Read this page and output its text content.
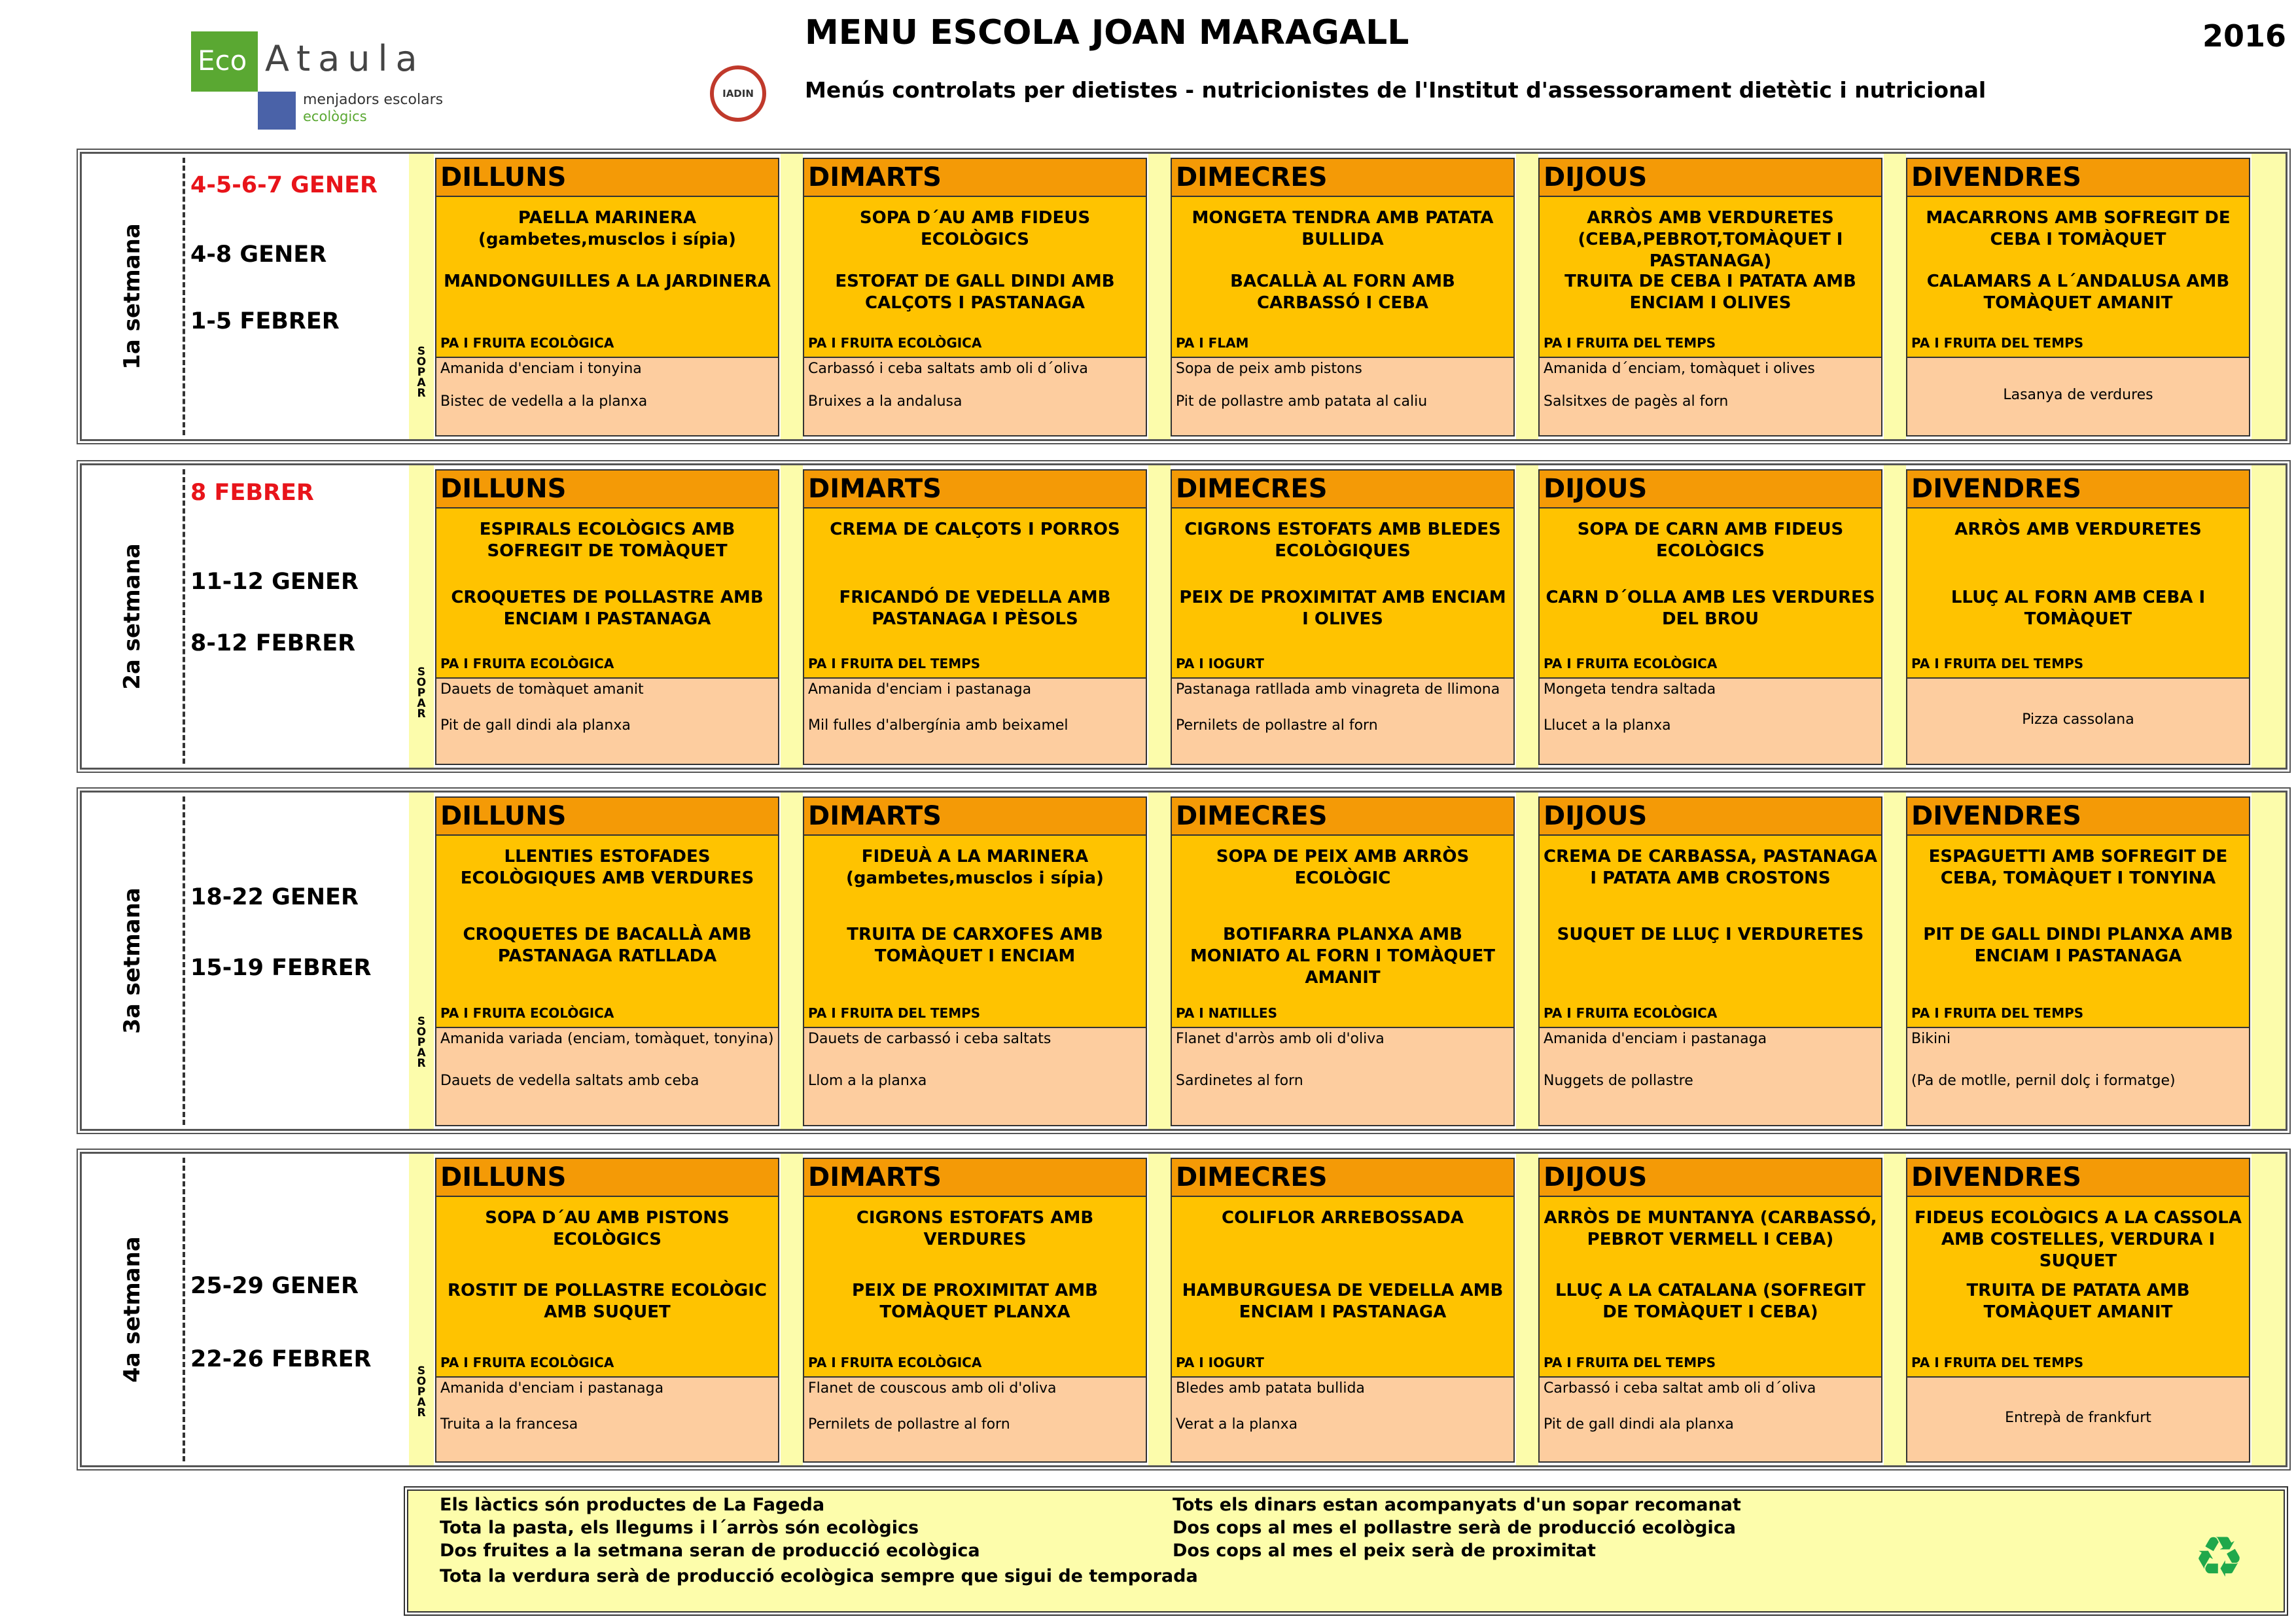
Eco Ataula
menjadors escolars
ecològics
IADIN
MENU ESCOLA JOAN MARAGALL
Menús controlats per dietistes - nutricionistes de l'Institut d'assessorament dietètic i nutricional
2016
1a setmana
4-5-6-7 GENER
4-8 GENER
1-5 FEBRER
S
O
P
A
R
DILLUNS
PAELLA MARINERA (gambetes,musclos i sípia)
MANDONGUILLES A LA JARDINERA
PA I FRUITA ECOLÒGICA
Amanida d'enciam i tonyina
Bistec de vedella a la planxa
DIMARTS
SOPA D´AU AMB FIDEUS ECOLÒGICS
ESTOFAT DE GALL DINDI AMB CALÇOTS I PASTANAGA
PA I FRUITA ECOLÒGICA
Carbassó i ceba saltats amb oli d´oliva
Bruixes a la andalusa
DIMECRES
MONGETA TENDRA AMB PATATA BULLIDA
BACALLÀ AL FORN AMB CARBASSÓ I CEBA
PA I FLAM
Sopa de peix amb pistons
Pit de pollastre amb patata al caliu
DIJOUS
ARRÒS AMB VERDURETES (CEBA,PEBROT,TOMÀQUET I PASTANAGA)
TRUITA DE CEBA I PATATA AMB ENCIAM I OLIVES
PA I FRUITA DEL TEMPS
Amanida d´enciam, tomàquet i olives
Salsitxes de pagès al forn
DIVENDRES
MACARRONS AMB SOFREGIT DE CEBA I TOMÀQUET
CALAMARS A L´ANDALUSA AMB TOMÀQUET AMANIT
PA I FRUITA DEL TEMPS
Lasanya de verdures
2a setmana
8 FEBRER
11-12 GENER
8-12 FEBRER
S
O
P
A
R
DILLUNS
ESPIRALS ECOLÒGICS AMB SOFREGIT DE TOMÀQUET
CROQUETES DE POLLASTRE AMB ENCIAM I PASTANAGA
PA I FRUITA ECOLÒGICA
Dauets de tomàquet amanit
Pit de gall dindi ala planxa
DIMARTS
CREMA DE CALÇOTS I PORROS
FRICANDÓ DE VEDELLA AMB PASTANAGA I PÈSOLS
PA I FRUITA DEL TEMPS
Amanida d'enciam i pastanaga
Mil fulles d'albergínia amb beixamel
DIMECRES
CIGRONS ESTOFATS AMB BLEDES ECOLÒGIQUES
PEIX DE PROXIMITAT AMB ENCIAM I OLIVES
PA I IOGURT
Pastanaga ratllada amb vinagreta de llimona
Pernilets de pollastre al forn
DIJOUS
SOPA DE CARN AMB FIDEUS ECOLÒGICS
CARN D´OLLA AMB LES VERDURES DEL BROU
PA I FRUITA ECOLÒGICA
Mongeta tendra saltada
Llucet a la planxa
DIVENDRES
ARRÒS AMB VERDURETES
LLUÇ AL FORN AMB CEBA I TOMÀQUET
PA I FRUITA DEL TEMPS
Pizza cassolana
3a setmana 18-22 GENER
15-19 FEBRER
S
O
P
A
R
DILLUNS
LLENTIES ESTOFADES ECOLÒGIQUES AMB VERDURES
CROQUETES DE BACALLÀ AMB PASTANAGA RATLLADA
PA I FRUITA ECOLÒGICA
Amanida variada (enciam, tomàquet, tonyina)
Dauets de vedella saltats amb ceba
DIMARTS
FIDEUÀ A LA MARINERA (gambetes,musclos i sípia)
TRUITA DE CARXOFES AMB TOMÀQUET I ENCIAM
PA I FRUITA DEL TEMPS
Dauets de carbassó i ceba saltats
Llom a la planxa
DIMECRES
SOPA DE PEIX AMB ARRÒS ECOLÒGIC
BOTIFARRA PLANXA AMB MONIATO AL FORN I TOMÀQUET AMANIT
PA I NATILLES
Flanet d'arròs amb oli d'oliva
Sardinetes al forn
DIJOUS
CREMA DE CARBASSA, PASTANAGA I PATATA AMB CROSTONS
SUQUET DE LLUÇ I VERDURETES
PA I FRUITA ECOLÒGICA
Amanida d'enciam i pastanaga
Nuggets de pollastre
DIVENDRES
ESPAGUETTI AMB SOFREGIT DE CEBA, TOMÀQUET I TONYINA
PIT DE GALL DINDI PLANXA AMB ENCIAM I PASTANAGA
PA I FRUITA DEL TEMPS
Bikini
(Pa de motlle, pernil dolç i formatge)
4a setmana 25-29 GENER
22-26 FEBRER	S
O
P
A
R
DILLUNS
SOPA D´AU AMB PISTONS ECOLÒGICS
ROSTIT DE POLLASTRE ECOLÒGIC AMB SUQUET
PA I FRUITA ECOLÒGICA
Amanida d'enciam i pastanaga
Truita a la francesa
DIMARTS
CIGRONS ESTOFATS AMB VERDURES
PEIX DE PROXIMITAT AMB TOMÀQUET PLANXA
PA I FRUITA ECOLÒGICA
Flanet de couscous amb oli d'oliva
Pernilets de pollastre al forn
DIMECRES
COLIFLOR ARREBOSSADA
HAMBURGUESA DE VEDELLA AMB ENCIAM I PASTANAGA
PA I IOGURT
Bledes amb patata bullida
Verat a la planxa
DIJOUS
ARRÒS DE MUNTANYA (CARBASSÓ, PEBROT VERMELL I CEBA)
LLUÇ A LA CATALANA (SOFREGIT DE TOMÀQUET I CEBA)
PA I FRUITA DEL TEMPS
Carbassó i ceba saltat amb oli d´oliva
Pit de gall dindi ala planxa
DIVENDRES
FIDEUS ECOLÒGICS A LA CASSOLA AMB COSTELLES, VERDURA I SUQUET
TRUITA DE PATATA AMB TOMÀQUET AMANIT
PA I FRUITA DEL TEMPS
Entrepà de frankfurt
Els làctics són productes de La Fageda
Tota la pasta, els llegums i l´arròs són ecològics
Dos fruites a la setmana seran de producció ecològica
Tota la verdura serà de producció ecològica sempre que sigui de temporada
Tots els dinars estan acompanyats d'un sopar recomanat
Dos cops al mes el pollastre serà de producció ecològica
Dos cops al mes el peix serà de proximitat	♻
